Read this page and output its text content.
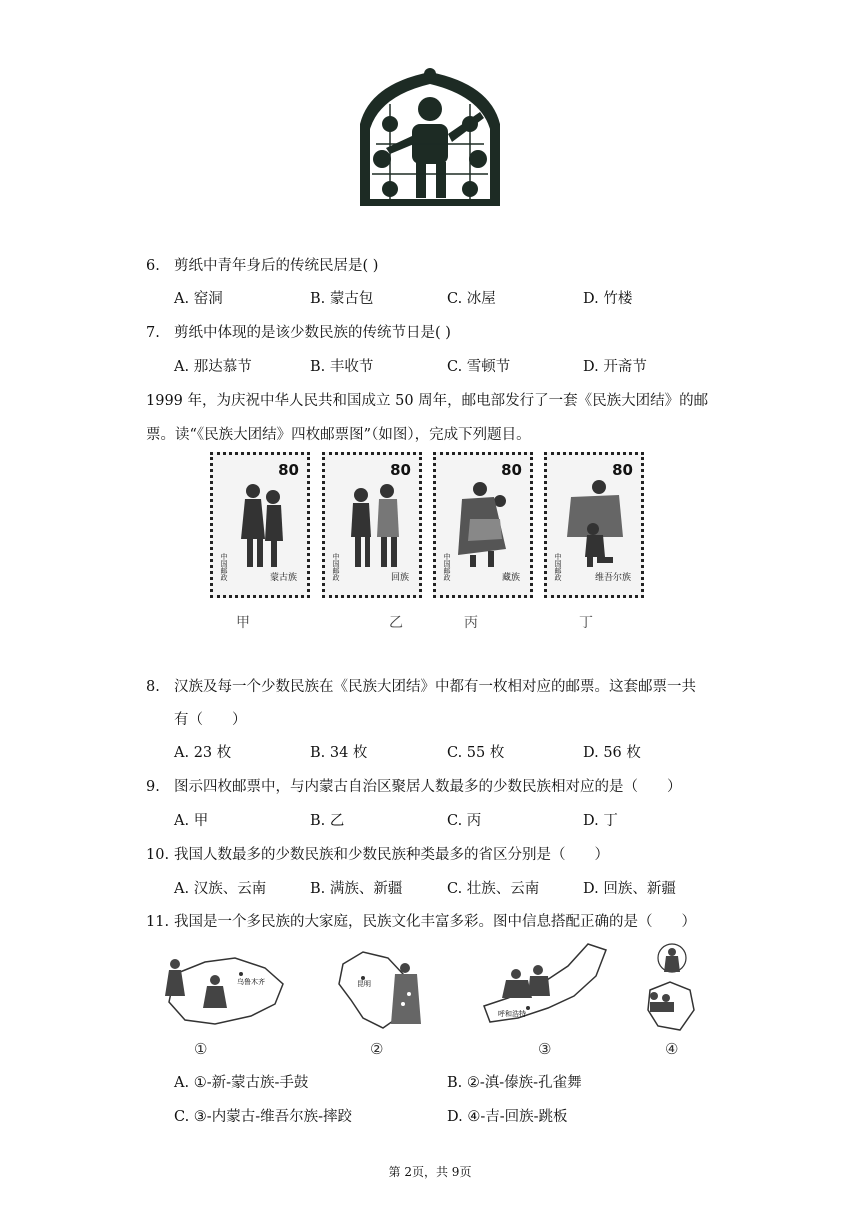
6. 剪纸中青年身后的传统民居是( )
A. 窑洞	B. 蒙古包	C. 冰屋	D. 竹楼
7. 剪纸中体现的是该少数民族的传统节日是( )
A. 那达慕节	B. 丰收节	C. 雪顿节	D. 开斋节
1999 年，为庆祝中华人民共和国成立 50 周年，邮电部发行了一套《民族大团结》的邮
票。读“《民族大团结》四枚邮票图”（如图），完成下列题目。
80
中国邮政	蒙古族
80
中国邮政	回族
80
中国邮政	藏族
80
中国邮政	维吾尔族
甲	乙	丙	丁
8. 汉族及每一个少数民族在《民族大团结》中都有一枚相对应的邮票。这套邮票一共
有（　　）
A. 23 枚	B. 34 枚	C. 55 枚	D. 56 枚
9. 图示四枚邮票中，与内蒙古自治区聚居人数最多的少数民族相对应的是（　　）
A. 甲	B. 乙	C. 丙	D. 丁
10. 我国人数最多的少数民族和少数民族种类最多的省区分别是（　　）
A. 汉族、云南	B. 满族、新疆	C. 壮族、云南	D. 回族、新疆
11. 我国是一个多民族的大家庭，民族文化丰富多彩。图中信息搭配正确的是（　　）
乌鲁木齐	昆明
呼和浩特
①	②	③	④
A. ①-新-蒙古族-手鼓	B. ②-滇-傣族-孔雀舞
C. ③-内蒙古-维吾尔族-摔跤	D. ④-吉-回族-跳板
第 2页，共 9页
